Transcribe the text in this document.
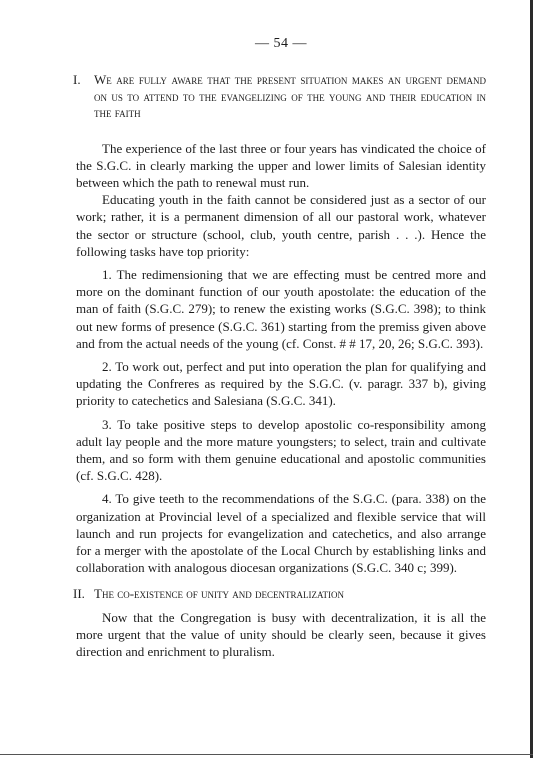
— 54 —
I.	We are fully aware that the present situation makes an urgent demand on us to attend to the evangelizing of the young and their education in the faith

The experience of the last three or four years has vindicated the choice of the S.G.C. in clearly marking the upper and lower limits of Salesian identity between which the path to renewal must run.

Educating youth in the faith cannot be considered just as a sector of our work; rather, it is a permanent dimension of all our pastoral work, whatever the sector or structure (school, club, youth centre, parish . . .). Hence the following tasks have top priority:

1. The redimensioning that we are effecting must be centred more and more on the dominant function of our youth apostolate: the education of the man of faith (S.G.C. 279); to renew the existing works (S.G.C. 398); to think out new forms of presence (S.G.C. 361) starting from the premiss given above and from the actual needs of the young (cf. Const. # # 17, 20, 26; S.G.C. 393).

2. To work out, perfect and put into operation the plan for qualifying and updating the Confreres as required by the S.G.C. (v. paragr. 337 b), giving priority to catechetics and Salesiana (S.G.C. 341).

3. To take positive steps to develop apostolic co-responsibility among adult lay people and the more mature youngsters; to select, train and cultivate them, and so form with them genuine educational and apostolic communities (cf. S.G.C. 428).

4. To give teeth to the recommendations of the S.G.C. (para. 338) on the organization at Provincial level of a specialized and flexible service that will launch and run projects for evangelization and catechetics, and also arrange for a merger with the apostolate of the Local Church by establishing links and collaboration with analogous diocesan organizations (S.G.C. 340 c; 399).

II. The co-existence of unity and decentralization

Now that the Congregation is busy with decentralization, it is all the more urgent that the value of unity should be clearly seen, because it gives direction and enrichment to pluralism.
